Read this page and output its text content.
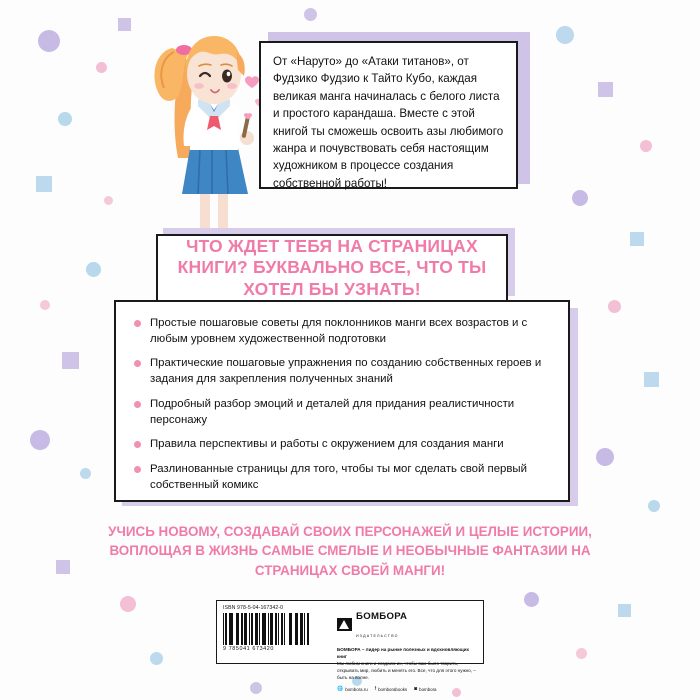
От «Наруто» до «Атаки титанов», от Фудзико Фудзио к Тайто Кубо, каждая великая манга начиналась с белого листа и простого карандаша. Вместе с этой книгой ты сможешь освоить азы любимого жанра и почувствовать себя настоящим художником в процессе создания собственной работы!

ЧТО ЖДЕТ ТЕБЯ НА СТРАНИЦАХ КНИГИ? БУКВАЛЬНО ВСЕ, ЧТО ТЫ ХОТЕЛ БЫ УЗНАТЬ!
Простые пошаговые советы для поклонников манги всех возрастов и с любым уровнем художественной подготовки
Практические пошаговые упражнения по созданию собственных героев и задания для закрепления полученных знаний
Подробный разбор эмоций и деталей для придания реалистичности персонажу
Правила перспективы и работы с окружением для создания манги
Разлинованные страницы для того, чтобы ты мог сделать свой первый собственный комикс
УЧИСЬ НОВОМУ, СОЗДАВАЙ СВОИХ ПЕРСОНАЖЕЙ И ЦЕЛЫЕ ИСТОРИИ, ВОПЛОЩАЯ В ЖИЗНЬ САМЫЕ СМЕЛЫЕ И НЕОБЫЧНЫЕ ФАНТАЗИИ НА СТРАНИЦАХ СВОЕЙ МАНГИ!
ISBN 978-5-04-167342-0
9 785041 673420
БОМБОРА
ИЗДАТЕЛЬСТВО
БОМБОРА – лидер на рынке полезных и вдохновляющих книг
Мы любим книги и создаем их, чтобы вам было творить, открывать мир, любить и менять его. Все, что для этого нужно, – быть на волне.
🌐 bombora.ru f bomborabooks ◙ bombora
